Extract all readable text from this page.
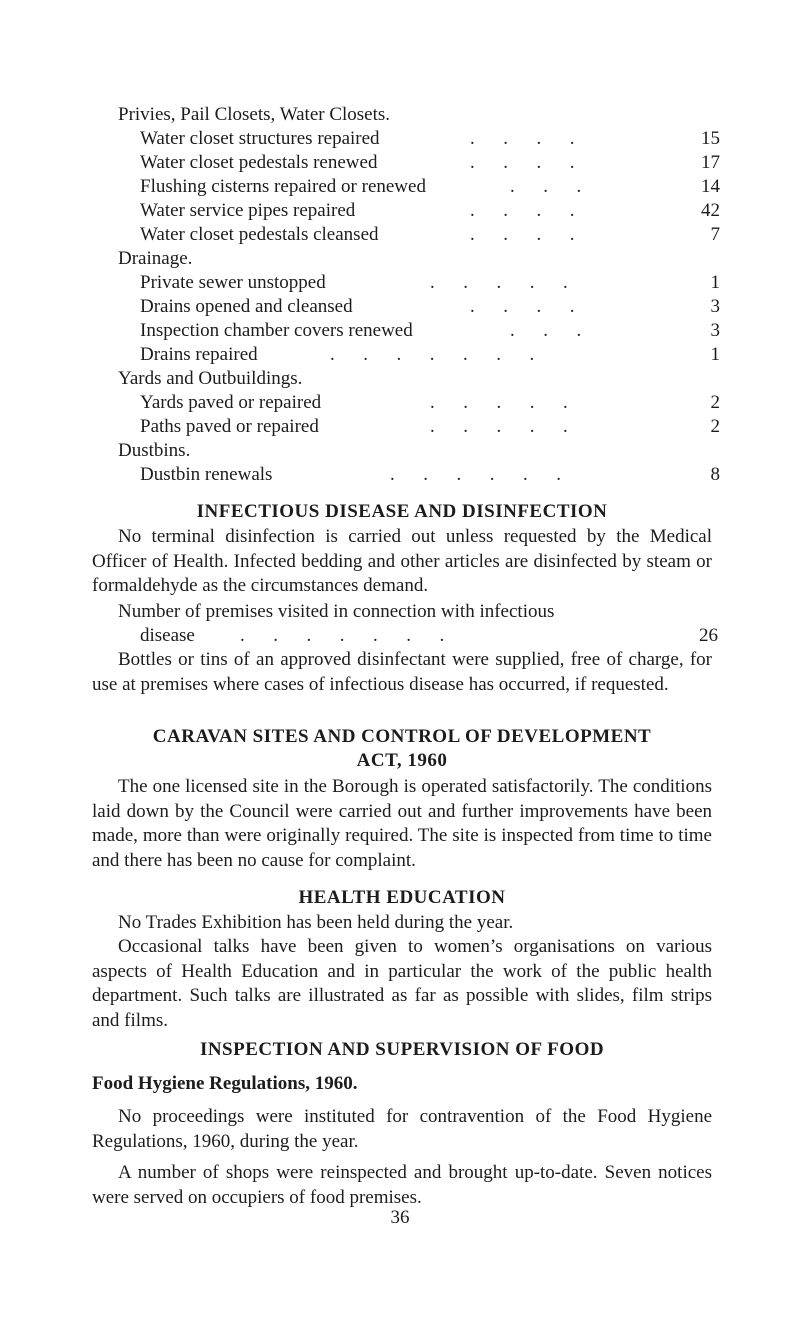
Privies, Pail Closets, Water Closets.
.      .      .      .
Water closet structures repaired	15
.      .      .      .
Water closet pedestals renewed	17
.      .      .
Flushing cisterns repaired or renewed	14
.      .      .      .
Water service pipes repaired	42
.      .      .      .
Water closet pedestals cleansed	7
Drainage.
.      .      .      .      .
Private sewer unstopped	1
.      .      .      .
Drains opened and cleansed	3
.      .      .
Inspection chamber covers renewed	3
.      .      .      .      .      .      .
Drains repaired	1
Yards and Outbuildings.
.      .      .      .      .
Yards paved or repaired	2
.      .      .      .      .
Paths paved or repaired	2
Dustbins.
.      .      .      .      .      .
Dustbin renewals	8
INFECTIOUS DISEASE AND DISINFECTION

No terminal disinfection is carried out unless requested by the Medical Officer of Health. Infected bedding and other articles are disinfected by steam or formaldehyde as the circumstances demand.

Number of premises visited in connection with infectious
disease .      .      .      .      .      .      .	26

Bottles or tins of an approved disinfectant were supplied, free of charge, for use at premises where cases of infectious disease has occurred, if requested.

CARAVAN SITES AND CONTROL OF DEVELOPMENT
ACT, 1960

The one licensed site in the Borough is operated satisfactorily. The conditions laid down by the Council were carried out and further improvements have been made, more than were originally required. The site is inspected from time to time and there has been no cause for complaint.

HEALTH EDUCATION

No Trades Exhibition has been held during the year.

Occasional talks have been given to women’s organisations on various aspects of Health Education and in particular the work of the public health department. Such talks are illustrated as far as possible with slides, film strips and films.

INSPECTION AND SUPERVISION OF FOOD
Food Hygiene Regulations, 1960.

No proceedings were instituted for contravention of the Food Hygiene Regulations, 1960, during the year.

A number of shops were reinspected and brought up-to-date. Seven notices were served on occupiers of food premises.

36
